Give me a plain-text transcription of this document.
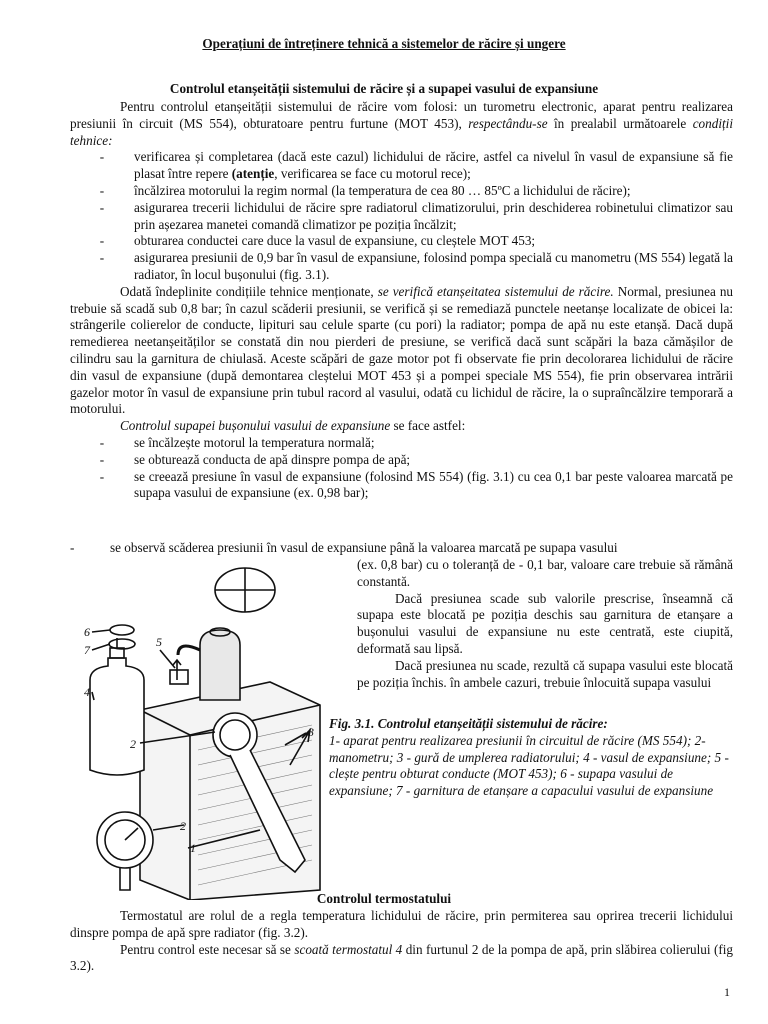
Operațiuni de întreținere tehnică a sistemelor de răcire și ungere
Controlul etanșeității sistemului de răcire și a supapei vasului de expansiune

Pentru controlul etanșeității sistemului de răcire vom folosi: un turometru electronic, aparat pentru realizarea presiunii în circuit (MS 554), obturatoare pentru furtune (MOT 453), respectându-se în prealabil următoarele condiții tehnice:

-	verificarea și completarea (dacă este cazul) lichidului de răcire, astfel ca nivelul în vasul de expansiune să fie plasat între repere (atenție, verificarea se face cu motorul rece);
-	încălzirea motorului la regim normal (la temperatura de cea 80 … 85ºC a lichidului de răcire);
-	asigurarea trecerii lichidului de răcire spre radiatorul climatizorului, prin deschiderea robinetului climatizor sau prin așezarea manetei comandă climatizor pe poziția încălzit;
-	obturarea conductei care duce la vasul de expansiune, cu cleștele MOT 453;
-	asigurarea presiunii de 0,9 bar în vasul de expansiune, folosind pompa specială cu manometru (MS 554) legată la radiator, în locul bușonului (fig. 3.1).

Odată îndeplinite condițiile tehnice menționate, se verifică etanșeitatea sistemului de răcire. Normal, presiunea nu trebuie să scadă sub 0,8 bar; în cazul scăderii presiunii, se verifică și se remediază punctele neetanșe localizate de obicei la: strângerile colierelor de conducte, lipituri sau celule sparte (cu pori) la radiator; pompa de apă nu este etanșă. Dacă după remedierea neetanșeităților se constată din nou pierderi de presiune, se verifică dacă sunt scăpări la baza cămășilor de cilindru sau la garnitura de chiulasă. Aceste scăpări de gaze motor pot fi observate fie prin decolorarea lichidului de răcire din vasul de expansiune (după demontarea cleștelui MOT 453 și a pompei speciale MS 554), fie prin observarea intrării gazelor motor în vasul de expansiune prin tubul racord al vasului, odată cu lichidul de răcire, la o supraîncălzire temporară a motorului.

Controlul supapei bușonului vasului de expansiune se face astfel:

-	se încălzește motorul la temperatura normală;
-	se obturează conducta de apă dinspre pompa de apă;
-	se creează presiune în vasul de expansiune (folosind MS 554) (fig. 3.1) cu cea 0,1 bar peste valoarea marcată pe supapa vasului de expansiune (ex. 0,98 bar);
-	se observă scăderea presiunii în vasul de expansiune până la valoarea marcată pe supapa vasului

(ex. 0,8 bar) cu o toleranță de - 0,1 bar, valoare care trebuie să rămână constantă.

Dacă presiunea scade sub valorile prescrise, înseamnă că supapa este blocată pe poziția deschis sau garnitura de etanșare a bușonului vasului de expansiune nu este centrată, este ciupită, deformată sau lipsă.

Dacă presiunea nu scade, rezultă că supapa vasului este blocată pe poziția închis. în ambele cazuri, trebuie înlocuită supapa vasului

6
7
4
5
2
3
2
1

Fig. 3.1. Controlul etanșeității sistemului de răcire:

1- aparat pentru realizarea presiunii în circuitul de răcire (MS 554); 2-manometru; 3 - gură de umplerea radiatorului; 4 - vasul de expansiune; 5 - clește pentru obturat conducte (MOT 453); 6 - supapa vasului de expansiune; 7 - garnitura de etanșare a capacului vasului de expansiune

Controlul termostatului

Termostatul are rolul de a regla temperatura lichidului de răcire, prin permiterea sau oprirea trecerii lichidului dinspre pompa de apă spre radiator (fig. 3.2).

Pentru control este necesar să se scoată termostatul 4 din furtunul 2 de la pompa de apă, prin slăbirea colierului (fig 3.2).

1
